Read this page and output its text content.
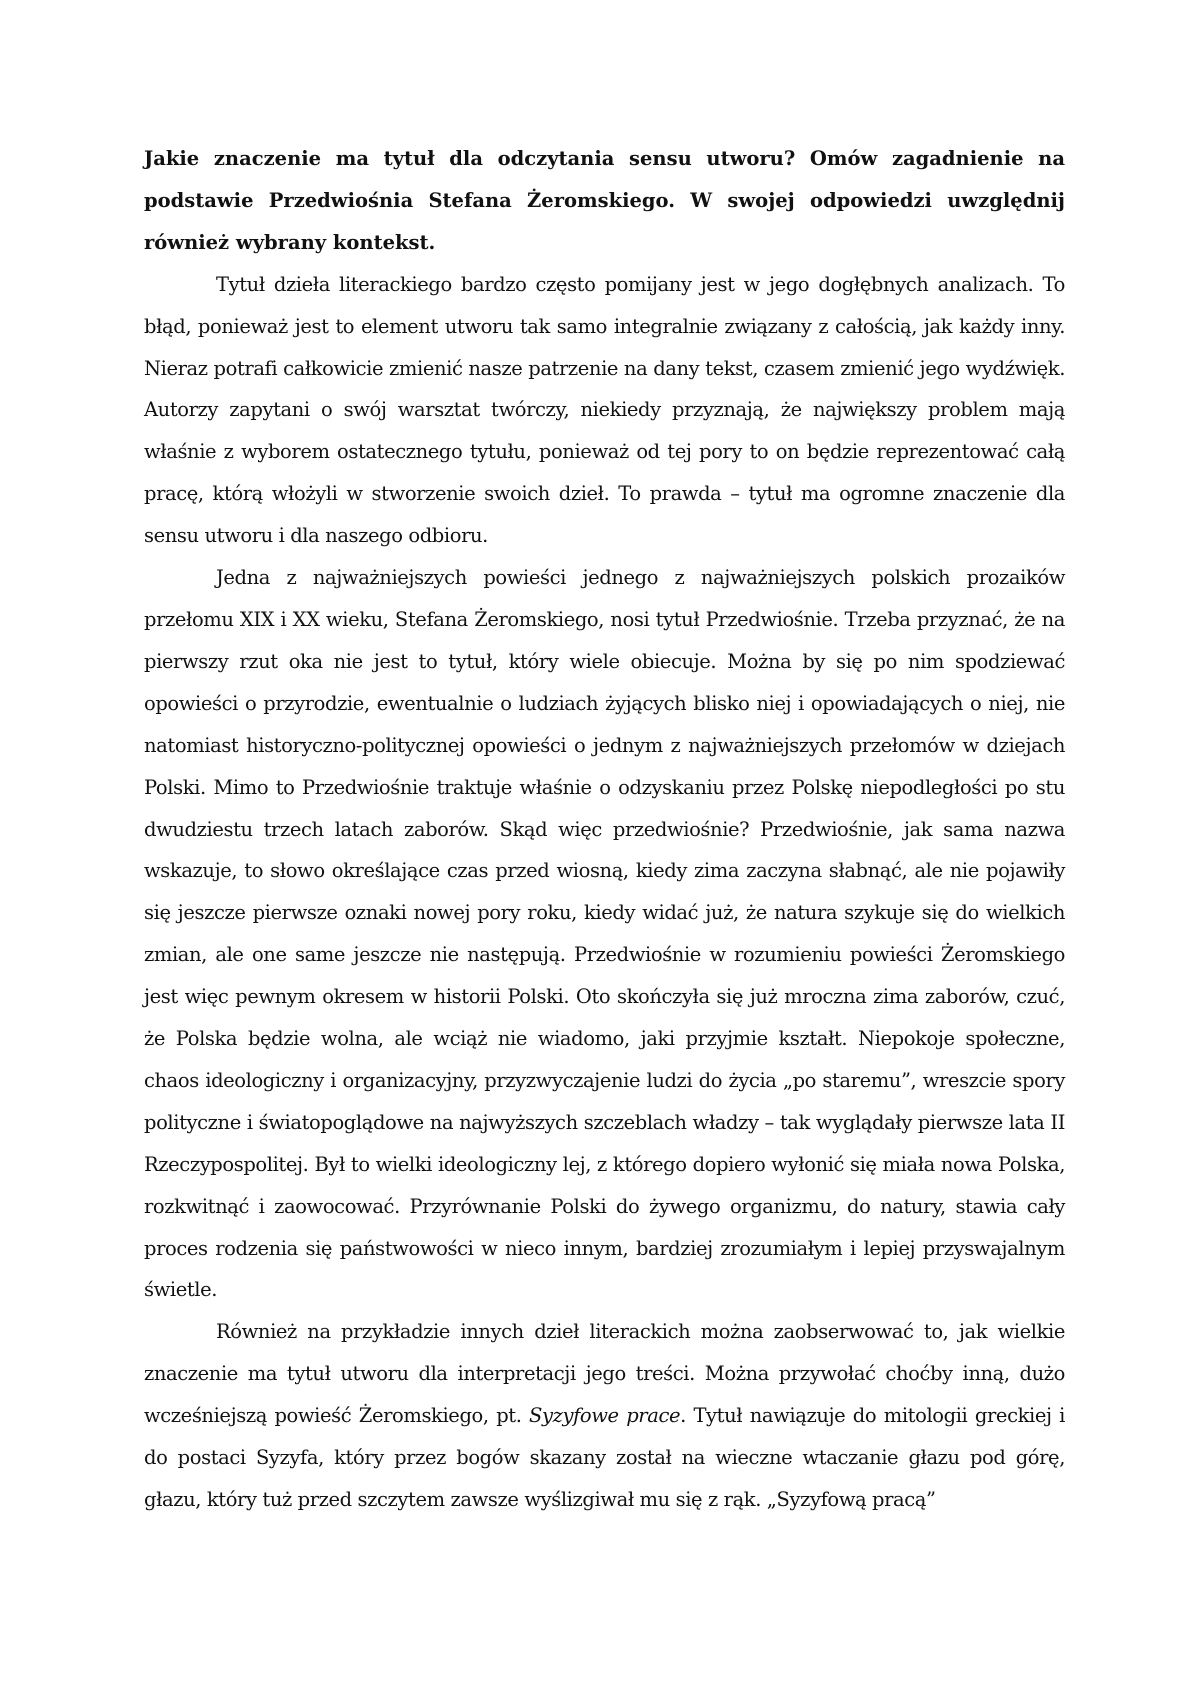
Jakie znaczenie ma tytuł dla odczytania sensu utworu? Omów zagadnienie na podstawie Przedwiośnia Stefana Żeromskiego. W swojej odpowiedzi uwzględnij również wybrany kontekst.

Tytuł dzieła literackiego bardzo często pomijany jest w jego dogłębnych analizach. To błąd, ponieważ jest to element utworu tak samo integralnie związany z całością, jak każdy inny. Nieraz potrafi całkowicie zmienić nasze patrzenie na dany tekst, czasem zmienić jego wydźwięk. Autorzy zapytani o swój warsztat twórczy, niekiedy przyznają, że największy problem mają właśnie z wyborem ostatecznego tytułu, ponieważ od tej pory to on będzie reprezentować całą pracę, którą włożyli w stworzenie swoich dzieł. To prawda – tytuł ma ogromne znaczenie dla sensu utworu i dla naszego odbioru.

Jedna z najważniejszych powieści jednego z najważniejszych polskich prozaików przełomu XIX i XX wieku, Stefana Żeromskiego, nosi tytuł Przedwiośnie. Trzeba przyznać, że na pierwszy rzut oka nie jest to tytuł, który wiele obiecuje. Można by się po nim spodziewać opowieści o przyrodzie, ewentualnie o ludziach żyjących blisko niej i opowiadających o niej, nie natomiast historyczno-politycznej opowieści o jednym z najważniejszych przełomów w dziejach Polski. Mimo to Przedwiośnie traktuje właśnie o odzyskaniu przez Polskę niepodległości po stu dwudziestu trzech latach zaborów. Skąd więc przedwiośnie? Przedwiośnie, jak sama nazwa wskazuje, to słowo określające czas przed wiosną, kiedy zima zaczyna słabnąć, ale nie pojawiły się jeszcze pierwsze oznaki nowej pory roku, kiedy widać już, że natura szykuje się do wielkich zmian, ale one same jeszcze nie następują. Przedwiośnie w rozumieniu powieści Żeromskiego jest więc pewnym okresem w historii Polski. Oto skończyła się już mroczna zima zaborów, czuć, że Polska będzie wolna, ale wciąż nie wiadomo, jaki przyjmie kształt. Niepokoje społeczne, chaos ideologiczny i organizacyjny, przyzwyczajenie ludzi do życia „po staremu”, wreszcie spory polityczne i światopoglądowe na najwyższych szczeblach władzy – tak wyglądały pierwsze lata II Rzeczypospolitej. Był to wielki ideologiczny lej, z którego dopiero wyłonić się miała nowa Polska, rozkwitnąć i zaowocować. Przyrównanie Polski do żywego organizmu, do natury, stawia cały proces rodzenia się państwowości w nieco innym, bardziej zrozumiałym i lepiej przyswajalnym świetle.

Również na przykładzie innych dzieł literackich można zaobserwować to, jak wielkie znaczenie ma tytuł utworu dla interpretacji jego treści. Można przywołać choćby inną, dużo wcześniejszą powieść Żeromskiego, pt. Syzyfowe prace. Tytuł nawiązuje do mitologii greckiej i do postaci Syzyfa, który przez bogów skazany został na wieczne wtaczanie głazu pod górę, głazu, który tuż przed szczytem zawsze wyślizgiwał mu się z rąk. „Syzyfową pracą”
